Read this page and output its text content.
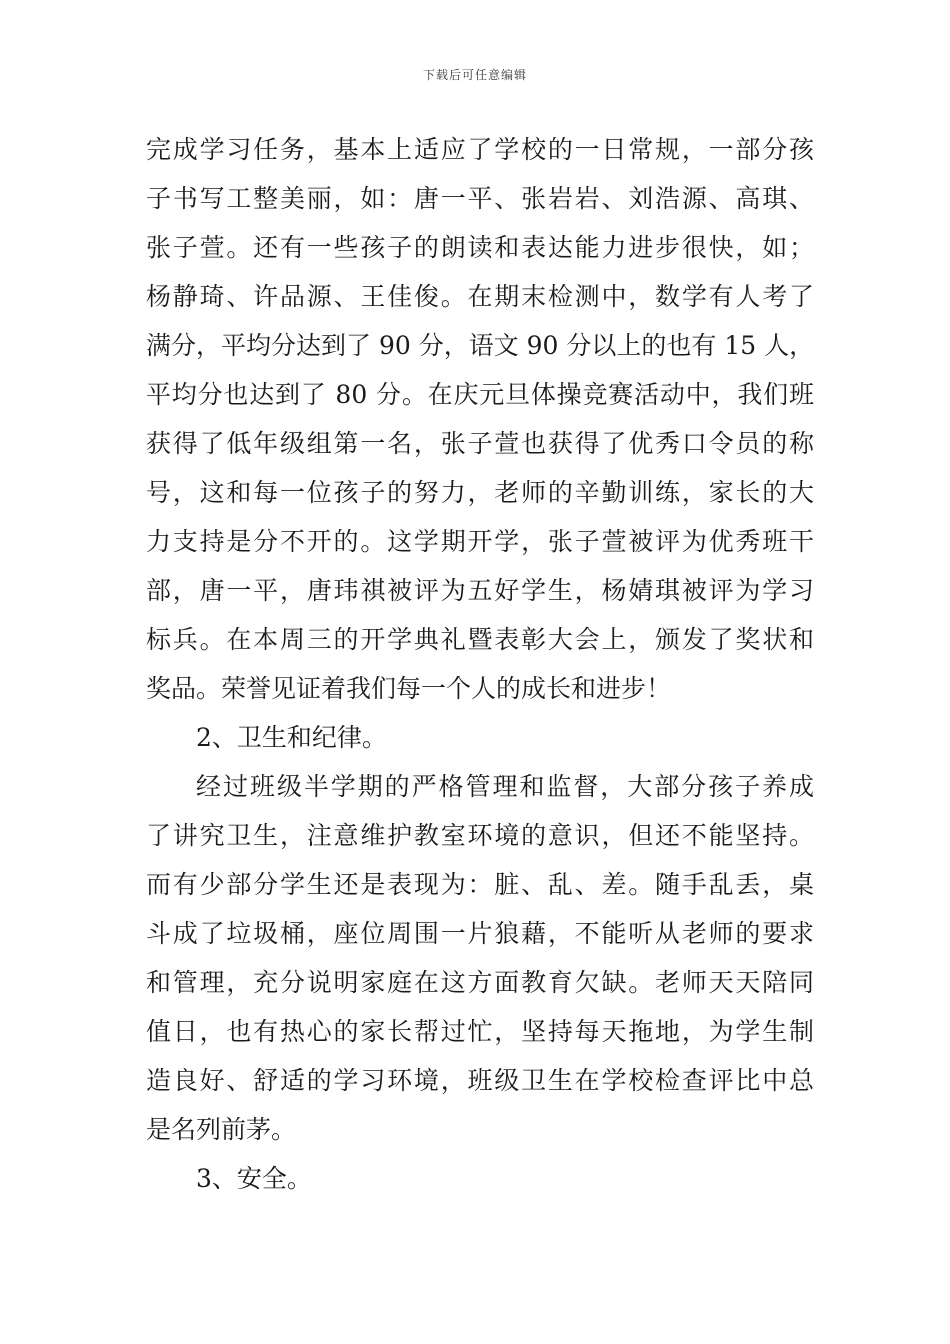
下载后可任意编辑
完成学习任务，基本上适应了学校的一日常规，一部分孩
子书写工整美丽，如：唐一平、张岩岩、刘浩源、高琪、
张子萱。还有一些孩子的朗读和表达能力进步很快，如；
杨静琦、许品源、王佳俊。在期末检测中，数学有人考了
满分，平均分达到了 90 分，语文 90 分以上的也有 15 人，
平均分也达到了 80 分。在庆元旦体操竞赛活动中，我们班
获得了低年级组第一名，张子萱也获得了优秀口令员的称
号，这和每一位孩子的努力，老师的辛勤训练，家长的大
力支持是分不开的。这学期开学，张子萱被评为优秀班干
部，唐一平，唐玮祺被评为五好学生，杨婧琪被评为学习
标兵。在本周三的开学典礼暨表彰大会上，颁发了奖状和
奖品。荣誉见证着我们每一个人的成长和进步！
2、卫生和纪律。
经过班级半学期的严格管理和监督，大部分孩子养成
了讲究卫生，注意维护教室环境的意识，但还不能坚持。
而有少部分学生还是表现为：脏、乱、差。随手乱丢，桌
斗成了垃圾桶，座位周围一片狼藉，不能听从老师的要求
和管理，充分说明家庭在这方面教育欠缺。老师天天陪同
值日，也有热心的家长帮过忙，坚持每天拖地，为学生制
造良好、舒适的学习环境，班级卫生在学校检查评比中总
是名列前茅。
3、安全。
